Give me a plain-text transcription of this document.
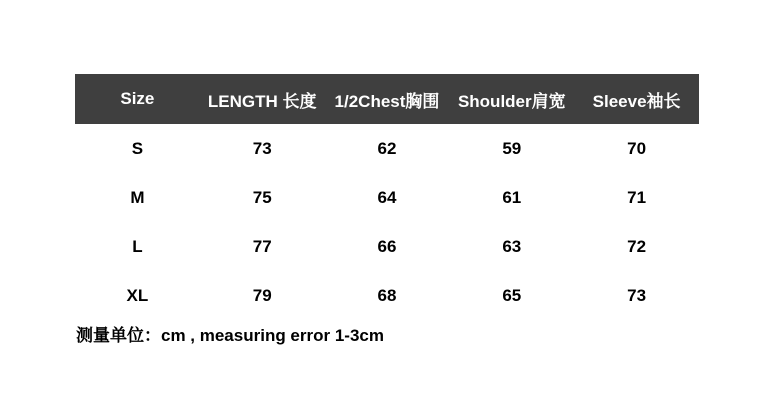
Size	LENGTH 长度	1/2Chest胸围	Shoulder肩宽	Sleeve袖长
S	73	62	59	70
M	75	64	61	71
L	77	66	63	72
XL	79	68	65	73
测量单位：cm , measuring error 1-3cm
